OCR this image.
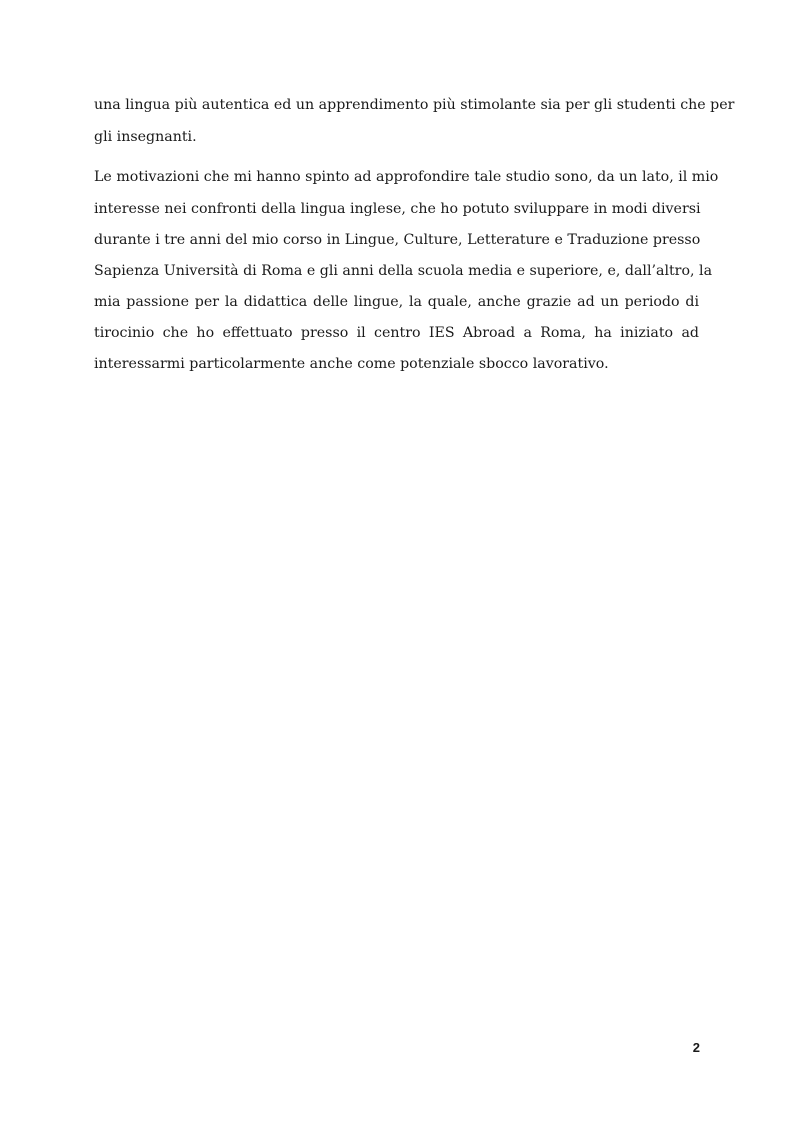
una lingua più autentica ed un apprendimento più stimolante sia per gli studenti che per

gli insegnanti.

Le motivazioni che mi hanno spinto ad approfondire tale studio sono, da un lato, il mio

interesse nei confronti della lingua inglese, che ho potuto sviluppare in modi diversi

durante i tre anni del mio corso in Lingue, Culture, Letterature e Traduzione presso

Sapienza Università di Roma e gli anni della scuola media e superiore, e, dall’altro, la

mia passione per la didattica delle lingue, la quale, anche grazie ad un periodo di

tirocinio che ho effettuato presso il centro IES Abroad a Roma, ha iniziato ad

interessarmi particolarmente anche come potenziale sbocco lavorativo.

2
